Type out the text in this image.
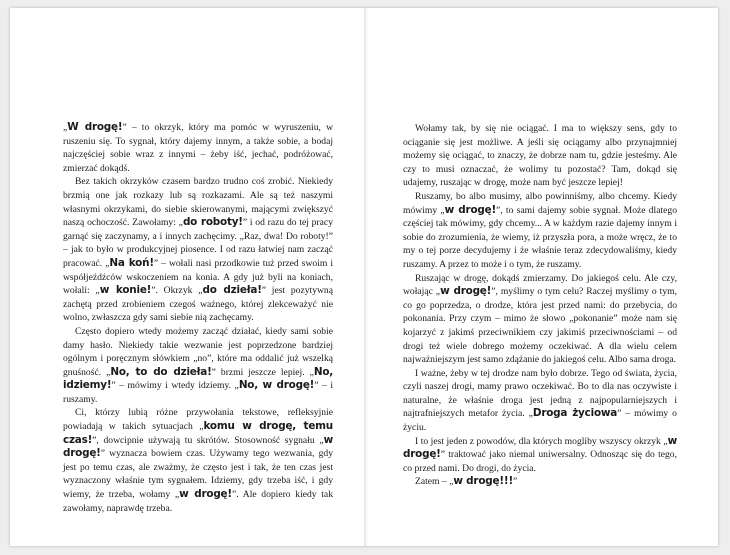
„W drogę!” – to okrzyk, który ma pomóc w wyruszeniu, w ruszeniu się. To sygnał, który dajemy innym, a także sobie, a bodaj najczęściej sobie wraz z innymi – żeby iść, jechać, podróżować, zmierzać dokądś.

Bez takich okrzyków czasem bardzo trudno coś zrobić. Niekiedy brzmią one jak rozkazy lub są rozkazami. Ale są też naszymi własnymi okrzykami, do siebie skierowanymi, mającymi zwiększyć naszą ochoczość. Zawołamy: „do roboty!” i od razu do tej pracy garnąć się zaczynamy, a i innych zachęcimy. „Raz, dwa! Do roboty!” – jak to było w produkcyjnej piosence. I od razu łatwiej nam zacząć pracować. „Na koń!” – wołali nasi przodkowie tuż przed swoim i współjeźdźców wskoczeniem na konia. A gdy już byli na koniach, wołali: „w konie!”. Okrzyk „do dzieła!” jest pozytywną zachętą przed zrobieniem czegoś ważnego, której zlekceważyć nie wolno, zwłaszcza gdy sami siebie nią zachęcamy.

Często dopiero wtedy możemy zacząć działać, kiedy sami sobie damy hasło. Niekiedy takie wezwanie jest poprzedzone bardziej ogólnym i poręcznym słówkiem „no”, które ma oddalić już wszelką gnuśność. „No, to do dzieła!” brzmi jeszcze lepiej. „No, idziemy!” – mówimy i wtedy idziemy. „No, w drogę!” – i ruszamy.

Ci, którzy lubią różne przywołania tekstowe, refleksyjnie powiadają w takich sytuacjach „komu w drogę, temu czas!”, dowcipnie używają tu skrótów. Stosowność sygnału „w drogę!” wyznacza bowiem czas. Używamy tego wezwania, gdy jest po temu czas, ale zważmy, że często jest i tak, że ten czas jest wyznaczony właśnie tym sygnałem. Idziemy, gdy trzeba iść, i gdy wiemy, że trzeba, wołamy „w drogę!”. Ale dopiero kiedy tak zawołamy, naprawdę trzeba.

Wołamy tak, by się nie ociągać. I ma to większy sens, gdy to ociąganie się jest możliwe. A jeśli się ociągamy albo przynajmniej możemy się ociągać, to znaczy, że dobrze nam tu, gdzie jesteśmy. Ale czy to musi oznaczać, że wolimy tu pozostać? Tam, dokąd się udajemy, ruszając w drogę, może nam być jeszcze lepiej!

Ruszamy, bo albo musimy, albo powinniśmy, albo chcemy. Kiedy mówimy „w drogę!”, to sami dajemy sobie sygnał. Może dlatego częściej tak mówimy, gdy chcemy... A w każdym razie dajemy innym i sobie do zrozumienia, że wiemy, iż przyszła pora, a może wręcz, że to my o tej porze decydujemy i że właśnie teraz zdecydowaliśmy, kiedy ruszamy. A przez to może i o tym, że ruszamy.

Ruszając w drogę, dokądś zmierzamy. Do jakiegoś celu. Ale czy, wołając „w drogę!”, myślimy o tym celu? Raczej myślimy o tym, co go poprzedza, o drodze, która jest przed nami: do przebycia, do pokonania. Przy czym – mimo że słowo „pokonanie” może nam się kojarzyć z jakimś przeciwnikiem czy jakimiś przeciwnościami – od drogi też wiele dobrego możemy oczekiwać. A dla wielu celem najważniejszym jest samo zdążanie do jakiegoś celu. Albo sama droga.

I ważne, żeby w tej drodze nam było dobrze. Tego od świata, życia, czyli naszej drogi, mamy prawo oczekiwać. Bo to dla nas oczywiste i naturalne, że właśnie droga jest jedną z najpopularniejszych i najtrafniejszych metafor życia. „Droga życiowa” – mówimy o życiu.

I to jest jeden z powodów, dla których mogliby wszyscy okrzyk „w drogę!” traktować jako niemal uniwersalny. Odnosząc się do tego, co przed nami. Do drogi, do życia.

Zatem – „w drogę!!!”
